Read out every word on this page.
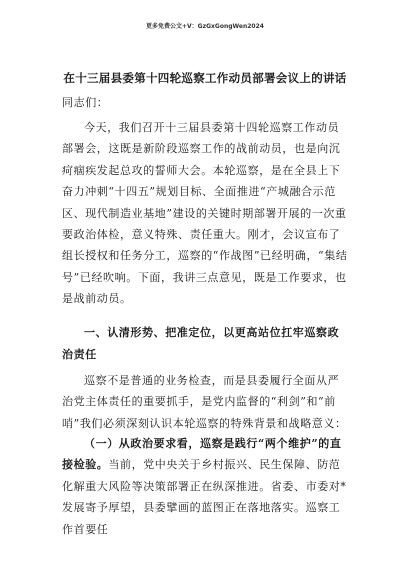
更多免费公文+V：GzGxGongWen2024
在十三届县委第十四轮巡察工作动员部署会议上的讲话
同志们：
今天，我们召开十三届县委第十四轮巡察工作动员部署会，这既是新阶段巡察工作的战前动员，也是向沉疴痼疾发起总攻的誓师大会。本轮巡察，是在全县上下奋力冲刺“十四五”规划目标、全面推进“产城融合示范区、现代制造业基地”建设的关键时期部署开展的一次重要政治体检，意义特殊、责任重大。刚才，会议宣布了组长授权和任务分工，巡察的“作战图”已经明确，“集结号”已经吹响。下面，我讲三点意见，既是工作要求，也是战前动员。
一、认清形势、把准定位，以更高站位扛牢巡察政治责任
巡察不是普通的业务检查，而是县委履行全面从严治党主体责任的重要抓手，是党内监督的“利剑”和“前哨”我们必须深刻认识本轮巡察的特殊背景和战略意义：
（一）从政治要求看，巡察是践行“两个维护”的直接检验。当前，党中央关于乡村振兴、民生保障、防范化解重大风险等决策部署正在纵深推进。省委、市委对*发展寄予厚望，县委擘画的蓝图正在落地落实。巡察工作首要任
